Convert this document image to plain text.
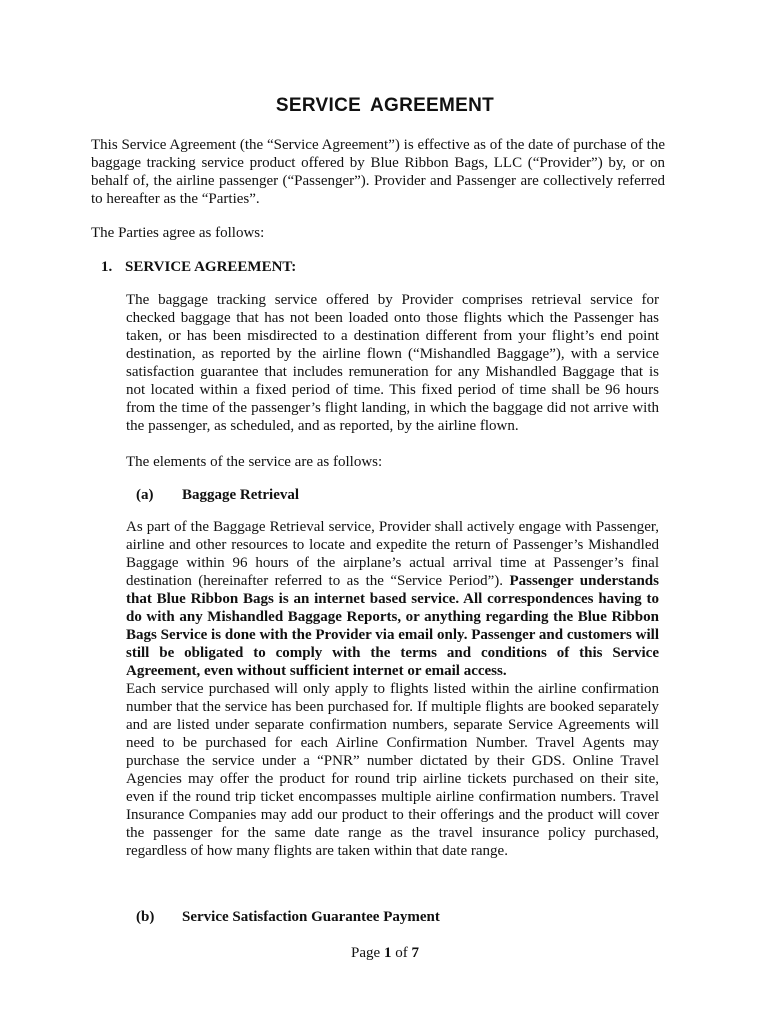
SERVICE AGREEMENT

This Service Agreement (the “Service Agreement”) is effective as of the date of purchase of the baggage tracking service product offered by Blue Ribbon Bags, LLC (“Provider”) by, or on behalf of, the airline passenger (“Passenger”). Provider and Passenger are collectively referred to hereafter as the “Parties”.

The Parties agree as follows:

1. SERVICE AGREEMENT:

The baggage tracking service offered by Provider comprises retrieval service for checked baggage that has not been loaded onto those flights which the Passenger has taken, or has been misdirected to a destination different from your flight’s end point destination, as reported by the airline flown (“Mishandled Baggage”), with a service satisfaction guarantee that includes remuneration for any Mishandled Baggage that is not located within a fixed period of time. This fixed period of time shall be 96 hours from the time of the passenger’s flight landing, in which the baggage did not arrive with the passenger, as scheduled, and as reported, by the airline flown.

The elements of the service are as follows:

(a) Baggage Retrieval
As part of the Baggage Retrieval service, Provider shall actively engage with Passenger, airline and other resources to locate and expedite the return of Passenger’s Mishandled Baggage within 96 hours of the airplane’s actual arrival time at Passenger’s final destination (hereinafter referred to as the “Service Period”). Passenger understands that Blue Ribbon Bags is an internet based service. All correspondences having to do with any Mishandled Baggage Reports, or anything regarding the Blue Ribbon Bags Service is done with the Provider via email only. Passenger and customers will still be obligated to comply with the terms and conditions of this Service Agreement, even without sufficient internet or email access.
Each service purchased will only apply to flights listed within the airline confirmation number that the service has been purchased for. If multiple flights are booked separately and are listed under separate confirmation numbers, separate Service Agreements will need to be purchased for each Airline Confirmation Number. Travel Agents may purchase the service under a “PNR” number dictated by their GDS. Online Travel Agencies may offer the product for round trip airline tickets purchased on their site, even if the round trip ticket encompasses multiple airline confirmation numbers. Travel Insurance Companies may add our product to their offerings and the product will cover the passenger for the same date range as the travel insurance policy purchased, regardless of how many flights are taken within that date range.
(b) Service Satisfaction Guarantee Payment
Page 1 of 7
